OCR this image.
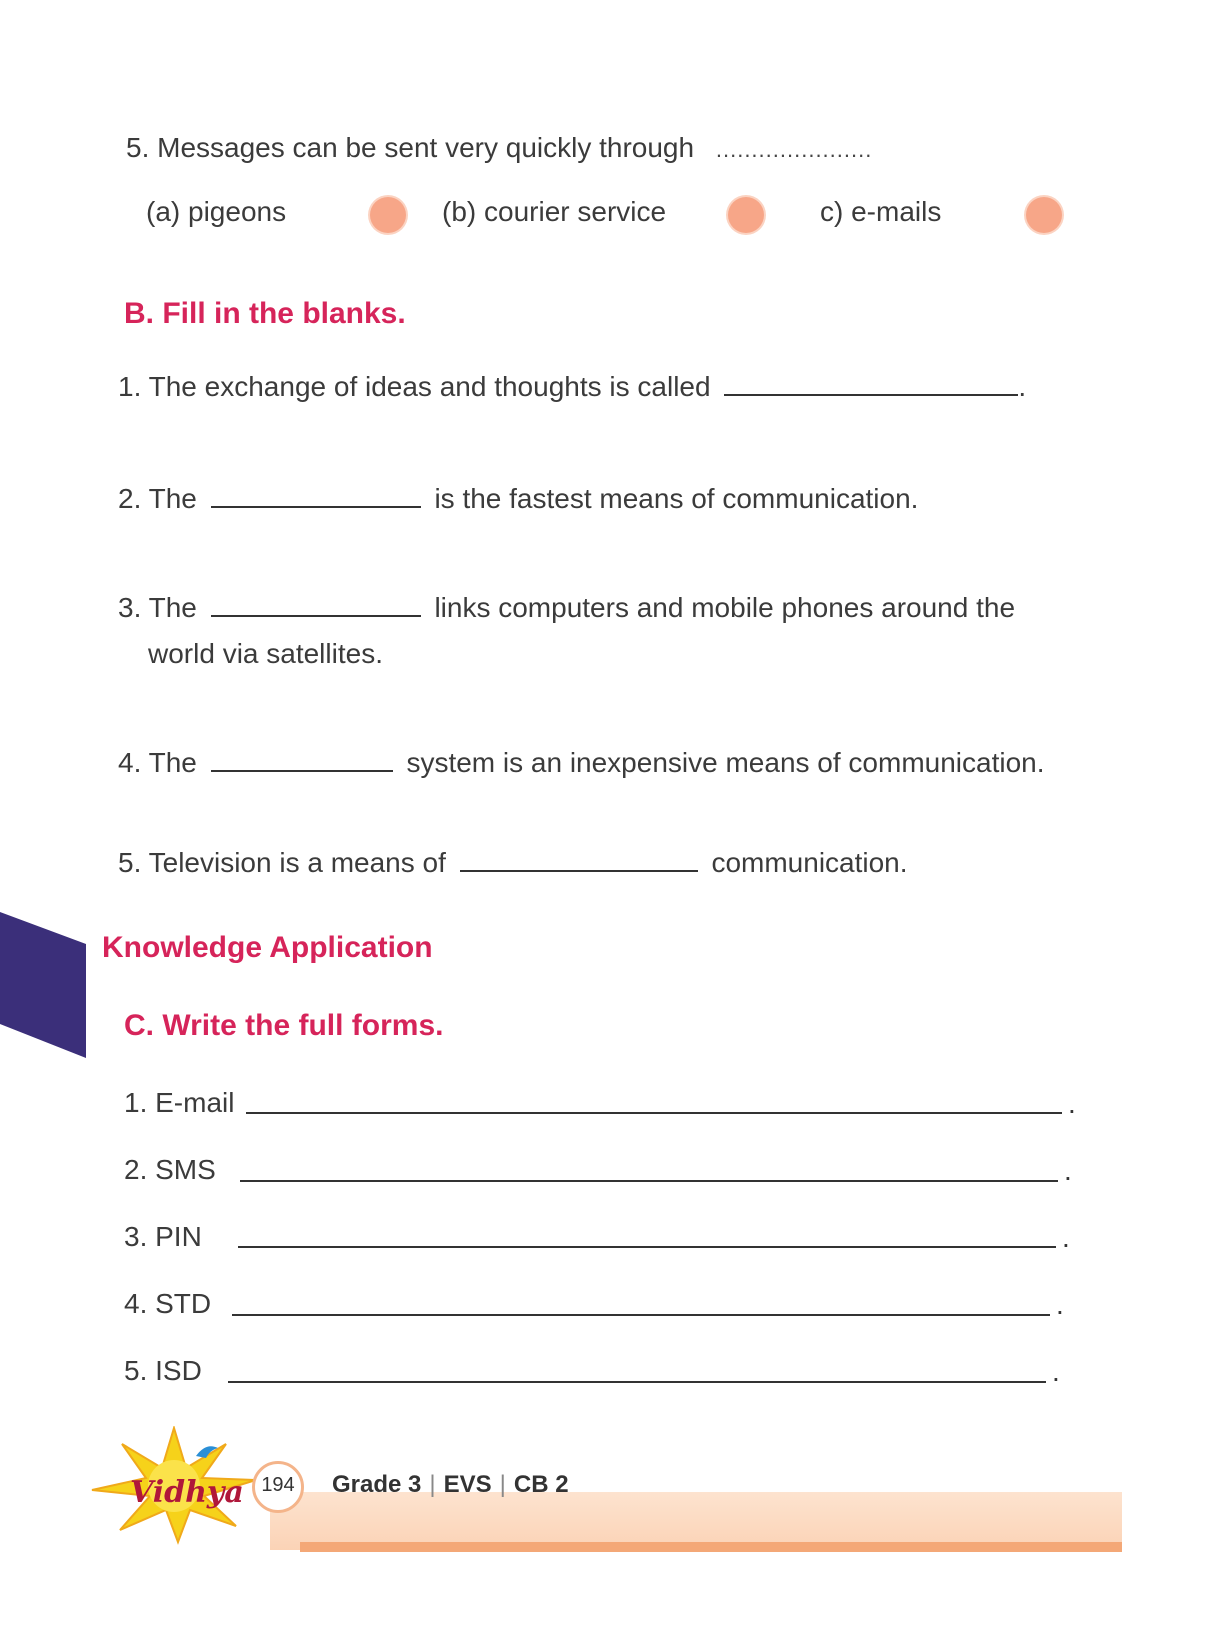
5. Messages can be sent very quickly through ......................
(a) pigeons	(b) courier service	c) e-mails
B. Fill in the blanks.
1. The exchange of ideas and thoughts is called	.
2. The	is the fastest means of communication.
3. The	links computers and mobile phones around the
world via satellites.
4. The	system is an inexpensive means of communication.
5. Television is a means of	communication.
Knowledge Application
C. Write the full forms.
1. E-mail	.
2. SMS	.
3. PIN	.
4. STD	.
5. ISD	.
Vidhya 194	Grade 3 | EVS | CB 2
